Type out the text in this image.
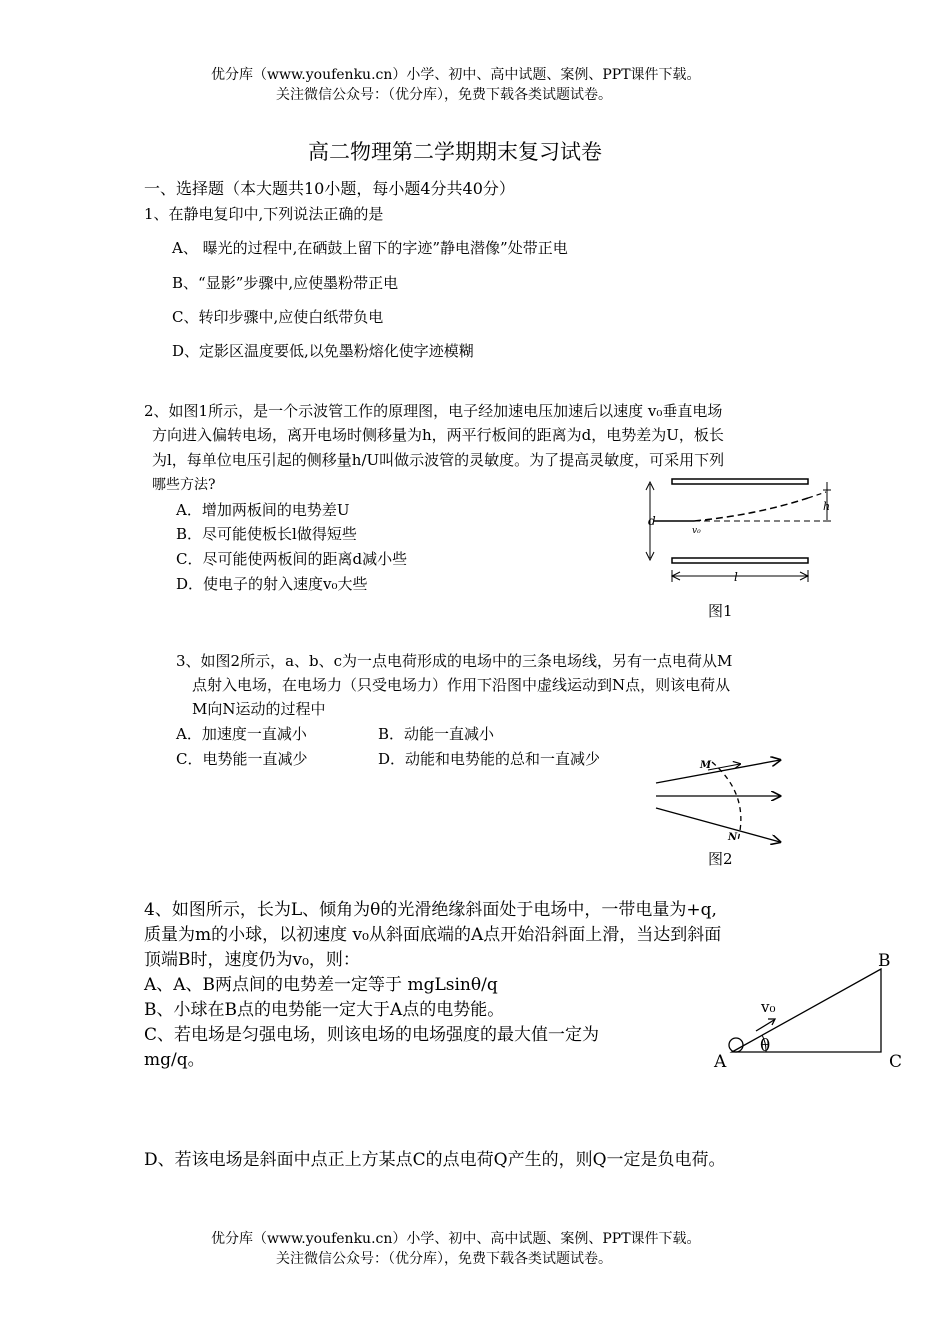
优分库（www.youfenku.cn）小学、初中、高中试题、案例、PPT课件下载。
关注微信公众号：（优分库），免费下载各类试题试卷。
高二物理第二学期期末复习试卷
一、选择题（本大题共10小题，每小题4分共40分）
1、在静电复印中,下列说法正确的是
A、 曝光的过程中,在硒鼓上留下的字迹”静电潜像”处带正电
B、“显影”步骤中,应使墨粉带正电
C、转印步骤中,应使白纸带负电
D、定影区温度要低,以免墨粉熔化使字迹模糊
2、如图1所示，是一个示波管工作的原理图，电子经加速电压加速后以速度 v₀垂直电场
方向进入偏转电场，离开电场时侧移量为h，两平行板间的距离为d，电势差为U，板长
为l，每单位电压引起的侧移量h/U叫做示波管的灵敏度。为了提高灵敏度，可采用下列
哪些方法?
A．增加两板间的电势差U
B．尽可能使板长l做得短些
C．尽可能使两板间的距离d减小些
D．使电子的射入速度v₀大些
d
v₀
h
l
图1
3、如图2所示，a、b、c为一点电荷形成的电场中的三条电场线，另有一点电荷从M
点射入电场，在电场力（只受电场力）作用下沿图中虚线运动到N点，则该电荷从
M向N运动的过程中
A．加速度一直减小	B．动能一直减小
C．电势能一直减少	D．动能和电势能的总和一直减少	M
N
图2
4、如图所示，长为L、倾角为θ的光滑绝缘斜面处于电场中，一带电量为+q,
质量为m的小球，以初速度 v₀从斜面底端的A点开始沿斜面上滑，当达到斜面
顶端B时，速度仍为v₀，则：
A、A、B两点间的电势差一定等于 mgLsinθ/q
B、小球在B点的电势能一定大于A点的电势能。
C、若电场是匀强电场，则该电场的电场强度的最大值一定为
mg/q。
D、若该电场是斜面中点正上方某点C的点电荷Q产生的，则Q一定是负电荷。
v₀
θ
A
B
C
优分库（www.youfenku.cn）小学、初中、高中试题、案例、PPT课件下载。
关注微信公众号：（优分库），免费下载各类试题试卷。
